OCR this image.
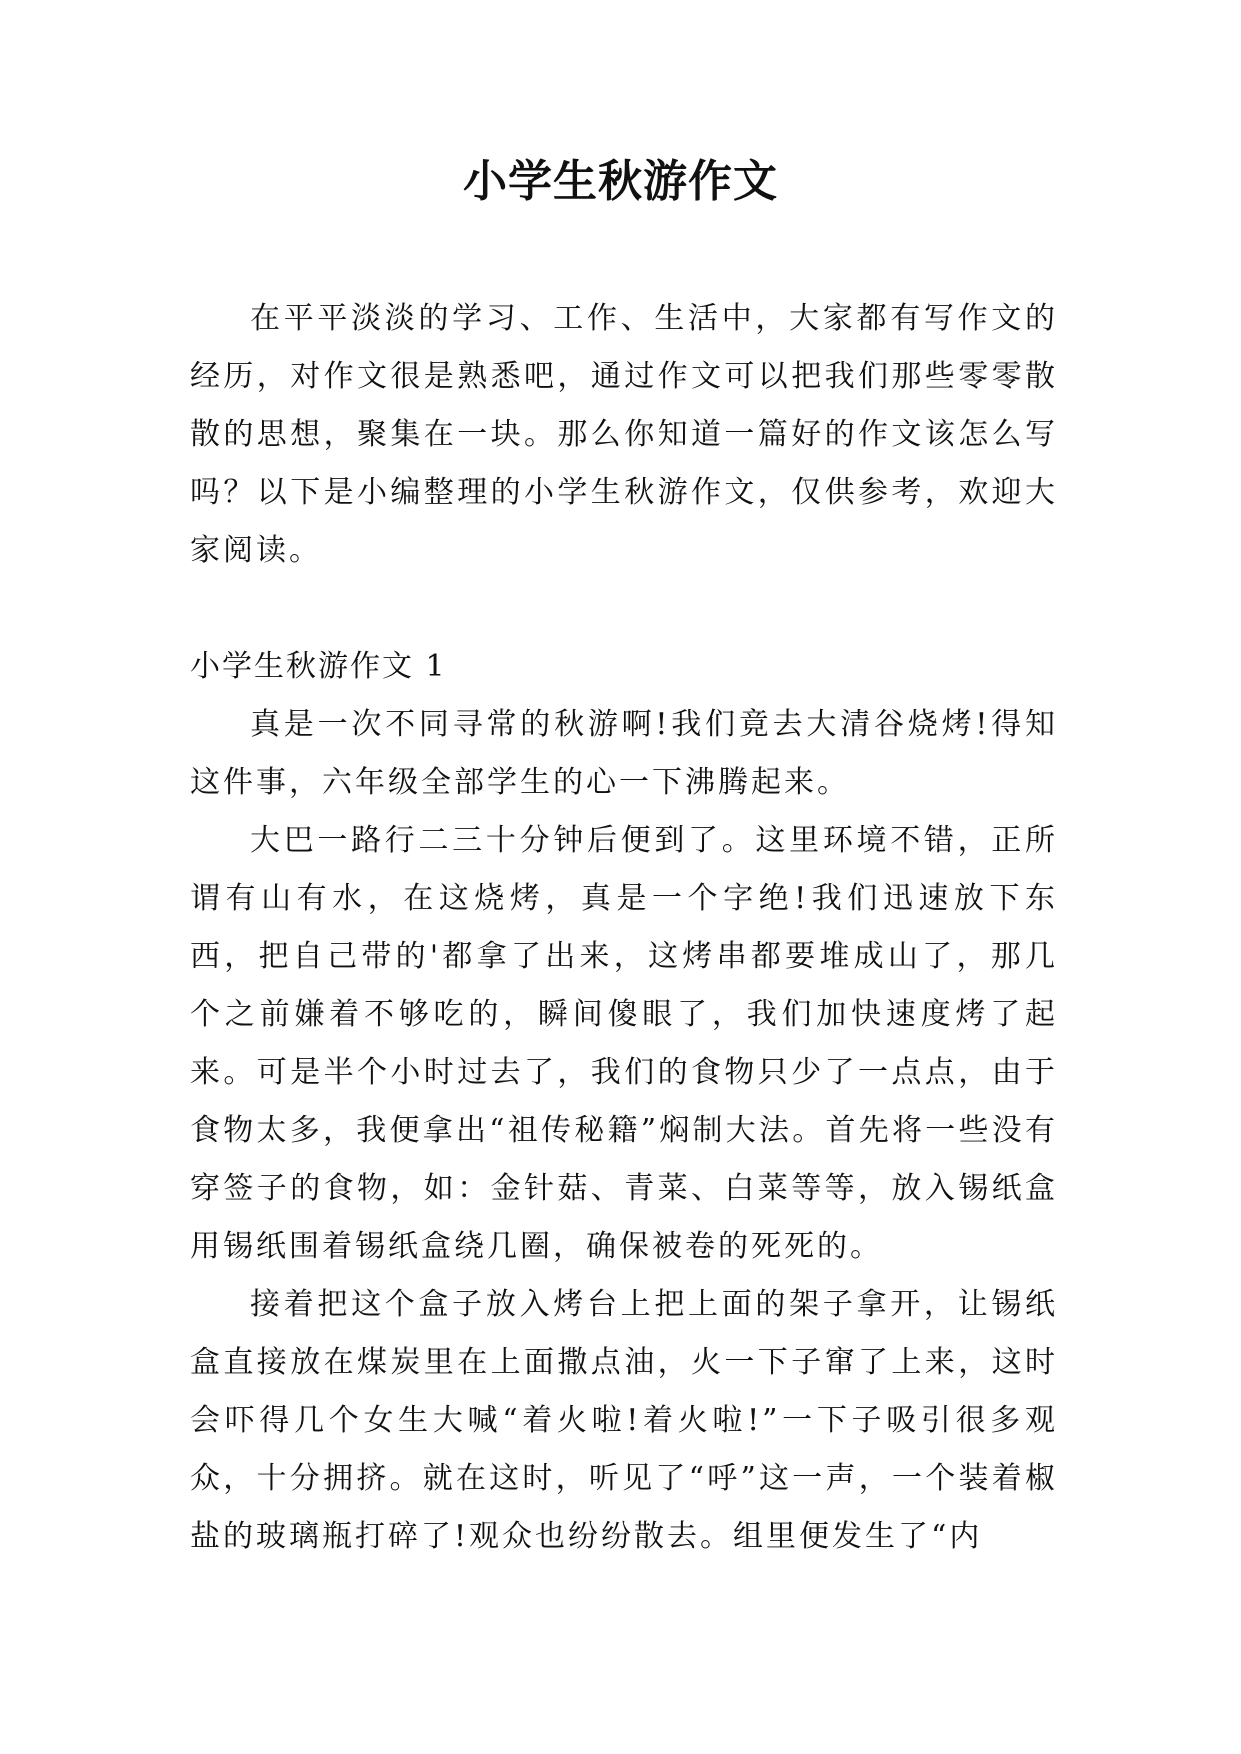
小学生秋游作文

在平平淡淡的学习、工作、生活中，大家都有写作文的经历，对作文很是熟悉吧，通过作文可以把我们那些零零散散的思想，聚集在一块。那么你知道一篇好的作文该怎么写吗？以下是小编整理的小学生秋游作文，仅供参考，欢迎大家阅读。

小学生秋游作文 1

真是一次不同寻常的秋游啊!我们竟去大清谷烧烤!得知这件事，六年级全部学生的心一下沸腾起来。

大巴一路行二三十分钟后便到了。这里环境不错，正所谓有山有水，在这烧烤，真是一个字绝!我们迅速放下东西，把自己带的'都拿了出来，这烤串都要堆成山了，那几个之前嫌着不够吃的，瞬间傻眼了，我们加快速度烤了起来。可是半个小时过去了，我们的食物只少了一点点，由于食物太多，我便拿出“祖传秘籍”焖制大法。首先将一些没有穿签子的食物，如：金针菇、青菜、白菜等等，放入锡纸盒用锡纸围着锡纸盒绕几圈，确保被卷的死死的。

接着把这个盒子放入烤台上把上面的架子拿开，让锡纸盒直接放在煤炭里在上面撒点油，火一下子窜了上来，这时会吓得几个女生大喊“着火啦!着火啦!”一下子吸引很多观众，十分拥挤。就在这时，听见了“呼”这一声，一个装着椒盐的玻璃瓶打碎了!观众也纷纷散去。组里便发生了“内
